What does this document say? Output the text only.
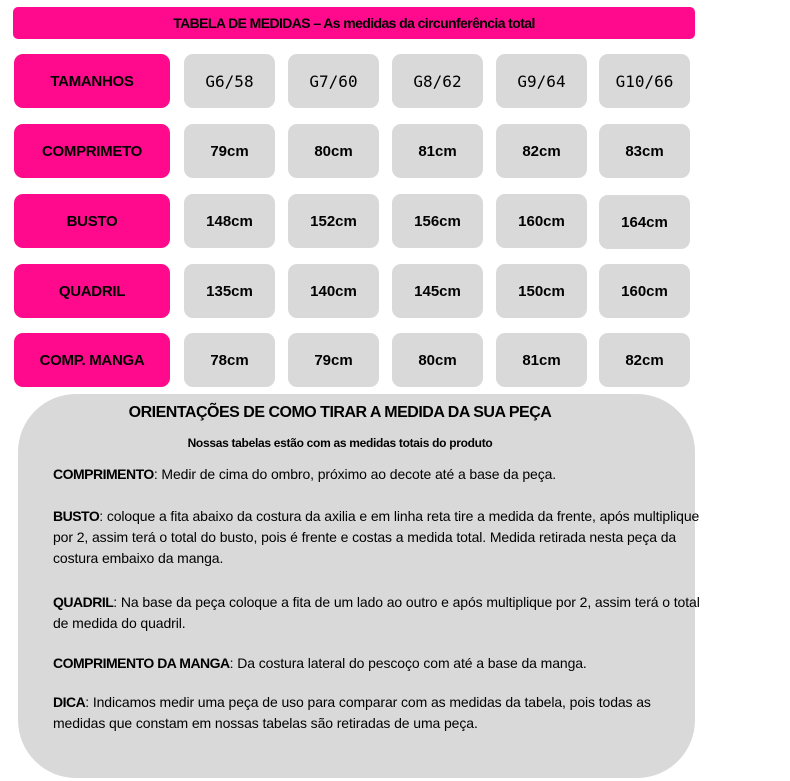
TABELA DE MEDIDAS – As medidas da circunferência total
TAMANHOS	G6/58	G7/60	G8/62	G9/64	G10/66
COMPRIMETO	79cm	80cm	81cm	82cm	83cm
BUSTO	148cm	152cm	156cm	160cm	164cm
QUADRIL	135cm	140cm	145cm	150cm	160cm
COMP. MANGA	78cm	79cm	80cm	81cm	82cm
ORIENTAÇÕES DE COMO TIRAR A MEDIDA DA SUA PEÇA
Nossas tabelas estão com as medidas totais do produto
COMPRIMENTO: Medir de cima do ombro, próximo ao decote até a base da peça.
BUSTO: coloque a fita abaixo da costura da axilia e em linha reta tire a medida da frente, após multiplique por 2, assim terá o total do busto, pois é frente e costas a medida total. Medida retirada nesta peça da costura embaixo da manga.
QUADRIL: Na base da peça coloque a fita de um lado ao outro e após multiplique por 2, assim terá o total de medida do quadril.
COMPRIMENTO DA MANGA: Da costura lateral do pescoço com até a base da manga.
DICA: Indicamos medir uma peça de uso para comparar com as medidas da tabela, pois todas as medidas que constam em nossas tabelas são retiradas de uma peça.
